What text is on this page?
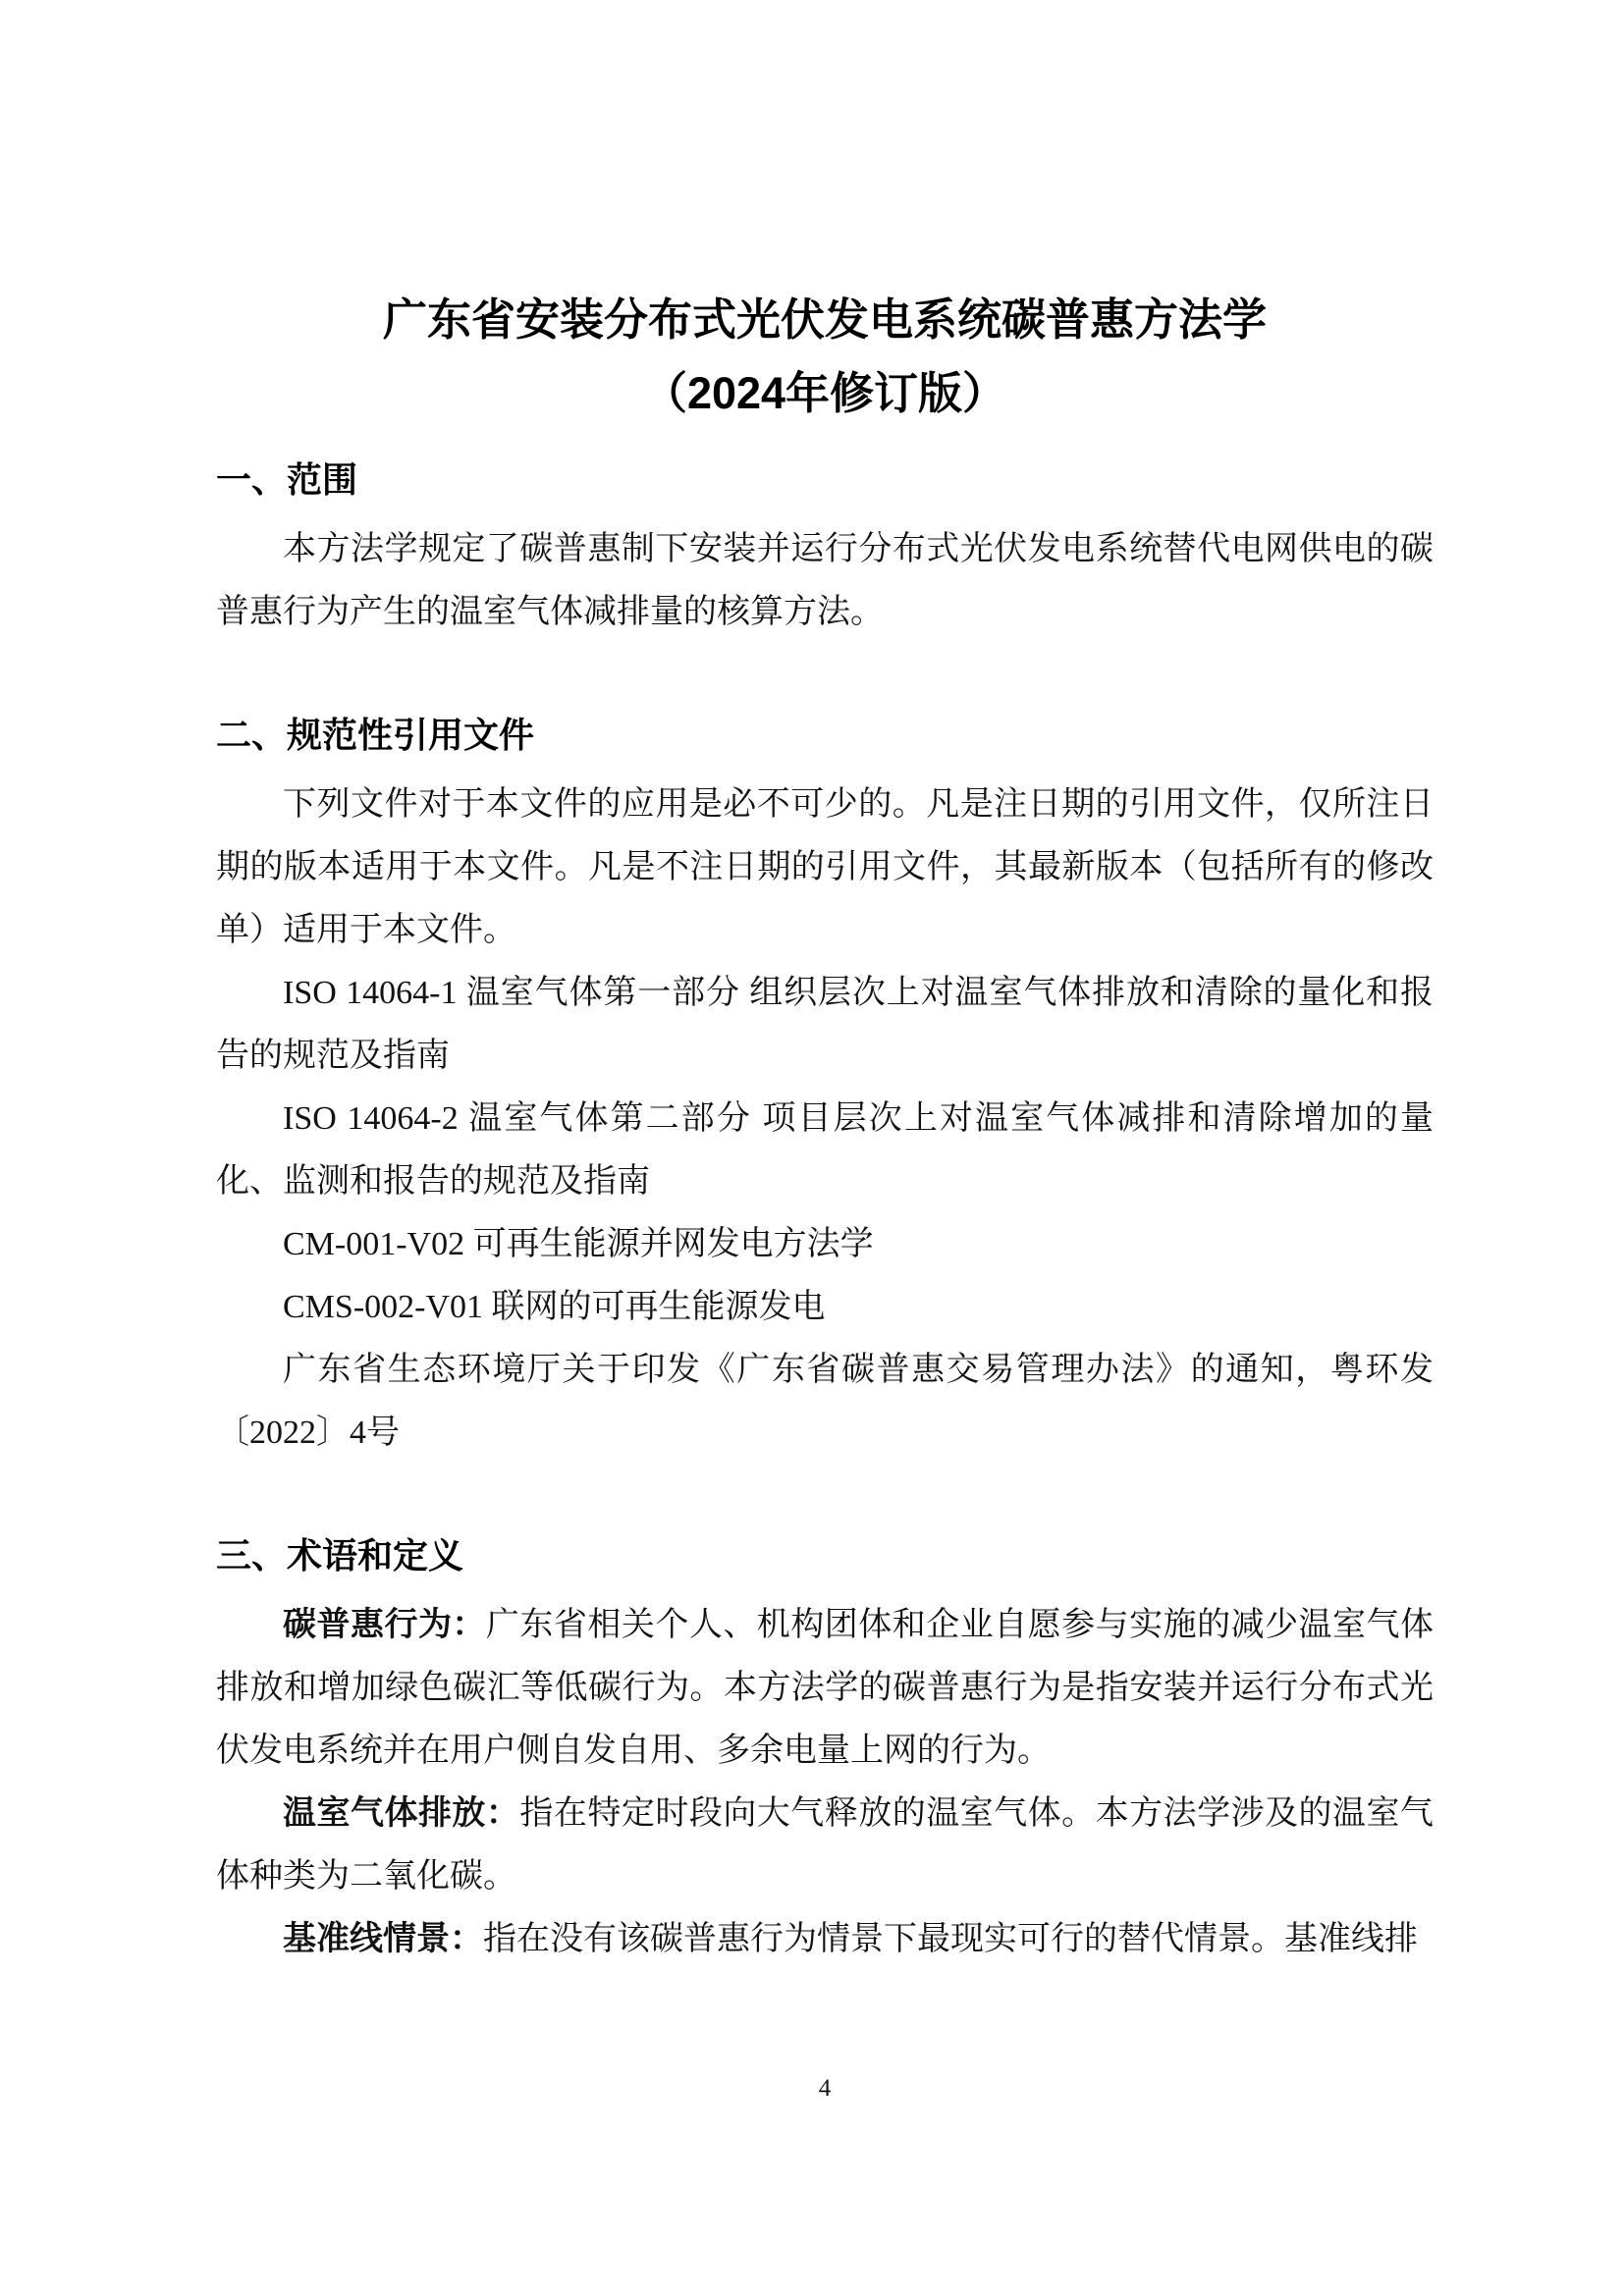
广东省安装分布式光伏发电系统碳普惠方法学
（2024年修订版）
一、范围

本方法学规定了碳普惠制下安装并运行分布式光伏发电系统替代电网供电的碳普惠行为产生的温室气体减排量的核算方法。

二、规范性引用文件

下列文件对于本文件的应用是必不可少的。凡是注日期的引用文件，仅所注日期的版本适用于本文件。凡是不注日期的引用文件，其最新版本（包括所有的修改单）适用于本文件。

ISO 14064-1 温室气体第一部分 组织层次上对温室气体排放和清除的量化和报告的规范及指南

ISO 14064-2 温室气体第二部分 项目层次上对温室气体减排和清除增加的量化、监测和报告的规范及指南

CM-001-V02 可再生能源并网发电方法学

CMS-002-V01 联网的可再生能源发电

广东省生态环境厅关于印发《广东省碳普惠交易管理办法》的通知，粤环发〔2022〕4号

三、术语和定义

碳普惠行为：广东省相关个人、机构团体和企业自愿参与实施的减少温室气体排放和增加绿色碳汇等低碳行为。本方法学的碳普惠行为是指安装并运行分布式光伏发电系统并在用户侧自发自用、多余电量上网的行为。

温室气体排放：指在特定时段向大气释放的温室气体。本方法学涉及的温室气体种类为二氧化碳。

基准线情景：指在没有该碳普惠行为情景下最现实可行的替代情景。基准线排

4
